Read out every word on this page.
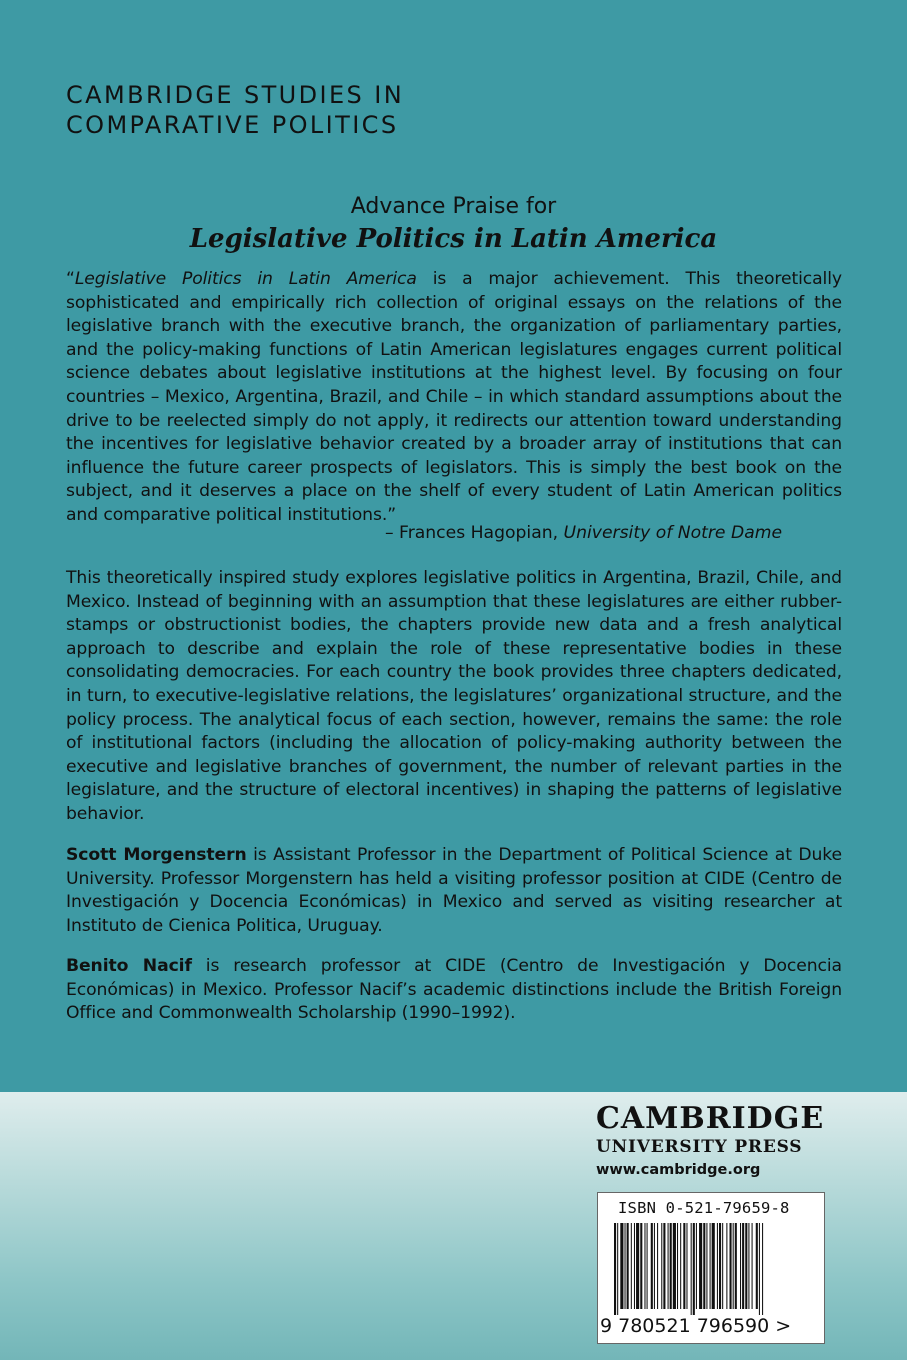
CAMBRIDGE STUDIES IN
COMPARATIVE POLITICS
Advance Praise for
Legislative Politics in Latin America

“Legislative Politics in Latin America is a major achievement. This theoretically sophisticated and empirically rich collection of original essays on the relations of the legislative branch with the executive branch, the organization of parliamentary parties, and the policy-making functions of Latin American legislatures engages current political science debates about legislative institutions at the highest level. By focusing on four countries – Mexico, Argentina, Brazil, and Chile – in which standard assumptions about the drive to be reelected simply do not apply, it redirects our attention toward understanding the incentives for legislative behavior created by a broader array of institutions that can influence the future career prospects of legislators. This is simply the best book on the subject, and it deserves a place on the shelf of every student of Latin American politics and comparative political institutions.”

– Frances Hagopian, University of Notre Dame

This theoretically inspired study explores legislative politics in Argentina, Brazil, Chile, and Mexico. Instead of beginning with an assumption that these legislatures are either rubber-stamps or obstructionist bodies, the chapters provide new data and a fresh analytical approach to describe and explain the role of these representative bodies in these consolidating democracies. For each country the book provides three chapters dedicated, in turn, to executive-legislative relations, the legislatures’ organizational structure, and the policy process. The analytical focus of each section, however, remains the same: the role of institutional factors (including the allocation of policy-making authority between the executive and legislative branches of government, the number of relevant parties in the legislature, and the structure of electoral incentives) in shaping the patterns of legislative behavior.

Scott Morgenstern is Assistant Professor in the Department of Political Science at Duke University. Professor Morgenstern has held a visiting professor position at CIDE (Centro de Investigación y Docencia Económicas) in Mexico and served as visiting researcher at Instituto de Cienica Politica, Uruguay.

Benito Nacif is research professor at CIDE (Centro de Investigación y Docencia Económicas) in Mexico. Professor Nacif’s academic distinctions include the British Foreign Office and Commonwealth Scholarship (1990–1992).

CAMBRIDGE
UNIVERSITY PRESS
www.cambridge.org
ISBN 0-521-79659-8
9 780521 796590 >
